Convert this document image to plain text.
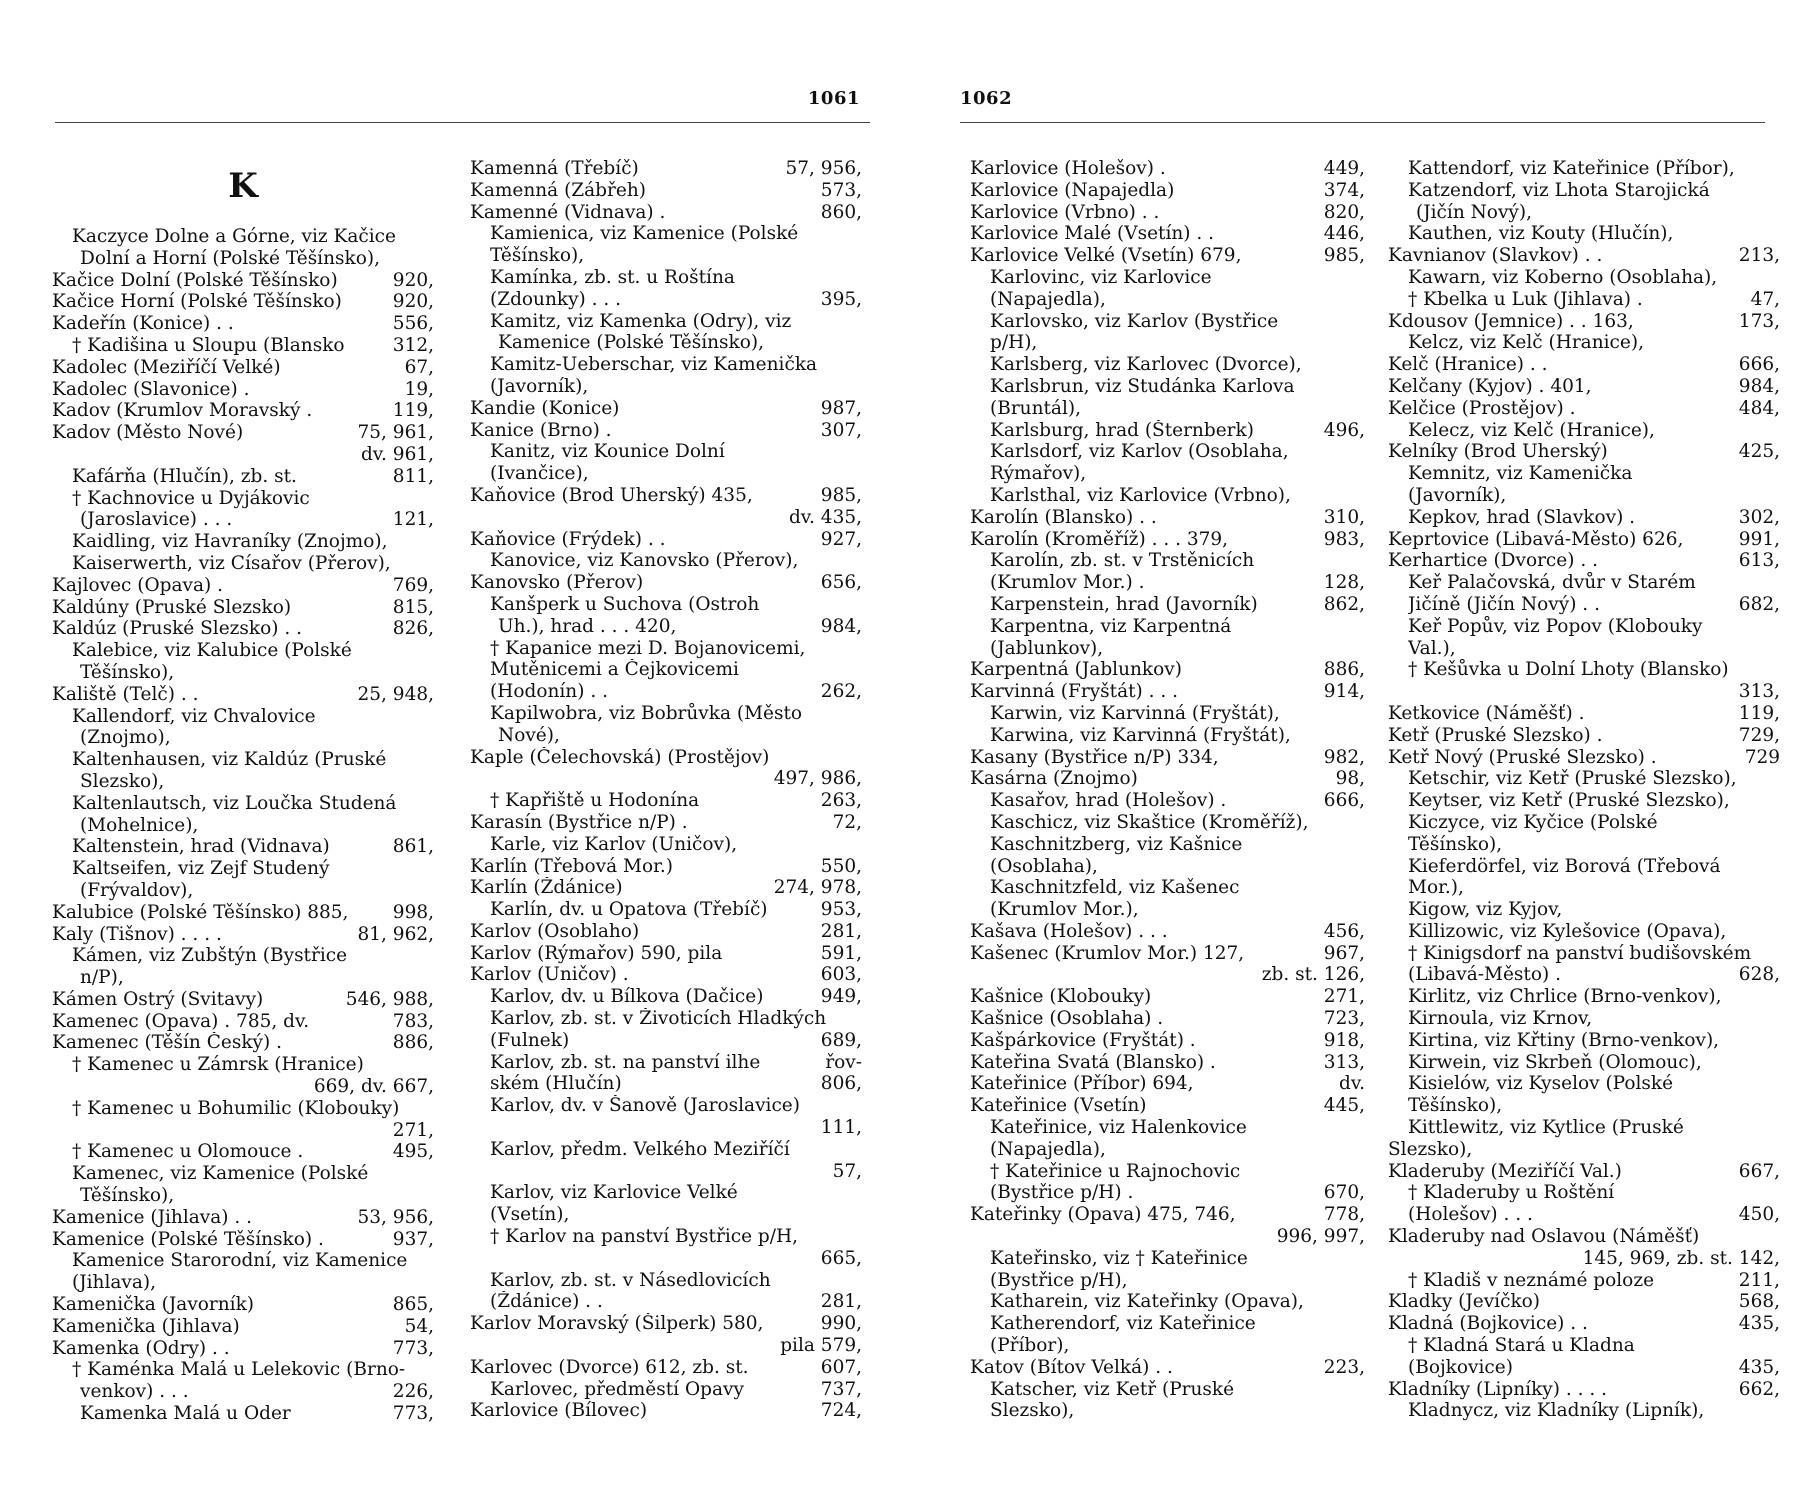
1061
K
Kaczyce Dolne a Górne, viz Kačice
Dolní a Horní (Polské Těšínsko),
Kačice Dolní (Polské Těšínsko)	920,
Kačice Horní (Polské Těšínsko)	920,
Kadeřín (Konice) . .	556,
† Kadišina u Sloupu (Blansko	312,
Kadolec (Meziříčí Velké)	67,
Kadolec (Slavonice) .	19,
Kadov (Krumlov Moravský .	119,
Kadov (Město Nové)	75, 961,
dv. 961,
Kafárňa (Hlučín), zb. st.	811,
† Kachnovice u Dyjákovic
(Jaroslavice) . . .	121,
Kaidling, viz Havraníky (Znojmo),
Kaiserwerth, viz Císařov (Přerov),
Kajlovec (Opava) .	769,
Kaldúny (Pruské Slezsko)	815,
Kaldúz (Pruské Slezsko) . .	826,
Kalebice, viz Kalubice (Polské
Těšínsko),
Kaliště (Telč) . .	25, 948,
Kallendorf, viz Chvalovice
(Znojmo),
Kaltenhausen, viz Kaldúz (Pruské
Slezsko),
Kaltenlautsch, viz Loučka Studená
(Mohelnice),
Kaltenstein, hrad (Vidnava)	861,
Kaltseifen, viz Zejf Studený
(Frývaldov),
Kalubice (Polské Těšínsko) 885,	998,
Kaly (Tišnov) . . . .	81, 962,
Kámen, viz Zubštýn (Bystřice
n/P),
Kámen Ostrý (Svitavy)	546, 988,
Kamenec (Opava) . 785, dv.	783,
Kamenec (Těšín Český) .	886,
† Kamenec u Zámrsk (Hranice)
669, dv. 667,
† Kamenec u Bohumilic (Klobouky)
271,
† Kamenec u Olomouce .	495,
Kamenec, viz Kamenice (Polské
Těšínsko),
Kamenice (Jihlava) . .	53, 956,
Kamenice (Polské Těšínsko) .	937,
Kamenice Starorodní, viz Kamenice
(Jihlava),
Kamenička (Javorník)	865,
Kamenička (Jihlava)	54,
Kamenka (Odry) . .	773,
† Kaménka Malá u Lelekovic (Brno-
venkov) . . .	226,
Kamenka Malá u Oder	773,
Kamenná (Třebíč)	57, 956,
Kamenná (Zábřeh)	573,
Kamenné (Vidnava) .	860,
Kamienica, viz Kamenice (Polské
Těšínsko),
Kamínka, zb. st. u Roštína
(Zdounky) . . .	395,
Kamitz, viz Kamenka (Odry), viz
Kamenice (Polské Těšínsko),
Kamitz-Ueberschar, viz Kamenička
(Javorník),
Kandie (Konice)	987,
Kanice (Brno) .	307,
Kanitz, viz Kounice Dolní
(Ivančice),
Kaňovice (Brod Uherský) 435,	985,
dv. 435,
Kaňovice (Frýdek) . .	927,
Kanovice, viz Kanovsko (Přerov),
Kanovsko (Přerov)	656,
Kanšperk u Suchova (Ostroh
Uh.), hrad . . . 420,	984,
† Kapanice mezi D. Bojanovicemi,
Mutěnicemi a Čejkovicemi
(Hodonín) . .	262,
Kapilwobra, viz Bobrůvka (Město
Nové),
Kaple (Čelechovská) (Prostějov)
497, 986,
† Kapřiště u Hodonína	263,
Karasín (Bystřice n/P) .	72,
Karle, viz Karlov (Uničov),
Karlín (Třebová Mor.)	550,
Karlín (Ždánice)	274, 978,
Karlín, dv. u Opatova (Třebíč)	953,
Karlov (Osoblaho)	281,
Karlov (Rýmařov) 590, pila	591,
Karlov (Uničov) .	603,
Karlov, dv. u Bílkova (Dačice)	949,
Karlov, zb. st. v Životicích Hladkých
(Fulnek)	689,
Karlov, zb. st. na panství ilhe	řov-
ském (Hlučín)	806,
Karlov, dv. v Šanově (Jaroslavice)
111,
Karlov, předm. Velkého Meziříčí
57,
Karlov, viz Karlovice Velké
(Vsetín),
† Karlov na panství Bystřice p/H,
665,
Karlov, zb. st. v Násedlovicích
(Ždánice) . .	281,
Karlov Moravský (Šilperk) 580,	990,
pila 579,
Karlovec (Dvorce) 612, zb. st.	607,
Karlovec, předměstí Opavy	737,
Karlovice (Bílovec)	724,
1062
Karlovice (Holešov) .	449,
Karlovice (Napajedla)	374,
Karlovice (Vrbno) . .	820,
Karlovice Malé (Vsetín) . .	446,
Karlovice Velké (Vsetín) 679,	985,
Karlovinc, viz Karlovice
(Napajedla),
Karlovsko, viz Karlov (Bystřice
p/H),
Karlsberg, viz Karlovec (Dvorce),
Karlsbrun, viz Studánka Karlova
(Bruntál),
Karlsburg, hrad (Šternberk)	496,
Karlsdorf, viz Karlov (Osoblaha,
Rýmařov),
Karlsthal, viz Karlovice (Vrbno),
Karolín (Blansko) . .	310,
Karolín (Kroměříž) . . . 379,	983,
Karolín, zb. st. v Trstěnicích
(Krumlov Mor.) .	128,
Karpenstein, hrad (Javorník)	862,
Karpentna, viz Karpentná
(Jablunkov),
Karpentná (Jablunkov)	886,
Karvinná (Fryštát) . . .	914,
Karwin, viz Karvinná (Fryštát),
Karwina, viz Karvinná (Fryštát),
Kasany (Bystřice n/P) 334,	982,
Kasárna (Znojmo)	98,
Kasařov, hrad (Holešov) .	666,
Kaschicz, viz Skaštice (Kroměříž),
Kaschnitzberg, viz Kašnice
(Osoblaha),
Kaschnitzfeld, viz Kašenec
(Krumlov Mor.),
Kašava (Holešov) . . .	456,
Kašenec (Krumlov Mor.) 127,	967,
zb. st. 126,
Kašnice (Klobouky)	271,
Kašnice (Osoblaha) .	723,
Kašpárkovice (Fryštát) .	918,
Kateřina Svatá (Blansko) .	313,
Kateřinice (Příbor) 694,	dv.
Kateřinice (Vsetín)	445,
Kateřinice, viz Halenkovice
(Napajedla),
† Kateřinice u Rajnochovic
(Bystřice p/H) .	670,
Kateřinky (Opava) 475, 746,	778,
996, 997,
Kateřinsko, viz † Kateřinice
(Bystřice p/H),
Katharein, viz Kateřinky (Opava),
Katherendorf, viz Kateřinice
(Příbor),
Katov (Bítov Velká) . .	223,
Katscher, viz Ketř (Pruské
Slezsko),
Kattendorf, viz Kateřinice (Příbor),
Katzendorf, viz Lhota Starojická
(Jičín Nový),
Kauthen, viz Kouty (Hlučín),
Kavnianov (Slavkov) . .	213,
Kawarn, viz Koberno (Osoblaha),
† Kbelka u Luk (Jihlava) .	47,
Kdousov (Jemnice) . . 163,	173,
Kelcz, viz Kelč (Hranice),
Kelč (Hranice) . .	666,
Kelčany (Kyjov) . 401,	984,
Kelčice (Prostějov) .	484,
Kelecz, viz Kelč (Hranice),
Kelníky (Brod Uherský)	425,
Kemnitz, viz Kamenička
(Javorník),
Kepkov, hrad (Slavkov) .	302,
Keprtovice (Libavá-Město) 626,	991,
Kerhartice (Dvorce) . .	613,
Keř Palačovská, dvůr v Starém
Jičíně (Jičín Nový) . .	682,
Keř Popův, viz Popov (Klobouky
Val.),
† Kešůvka u Dolní Lhoty (Blansko)
313,
Ketkovice (Náměšť) .	119,
Ketř (Pruské Slezsko) .	729,
Ketř Nový (Pruské Slezsko) .	729
Ketschir, viz Ketř (Pruské Slezsko),
Keytser, viz Ketř (Pruské Slezsko),
Kiczyce, viz Kyčice (Polské
Těšínsko),
Kieferdörfel, viz Borová (Třebová
Mor.),
Kigow, viz Kyjov,
Killizowic, viz Kylešovice (Opava),
† Kinigsdorf na panství budišovském
(Libavá-Město) .	628,
Kirlitz, viz Chrlice (Brno-venkov),
Kirnoula, viz Krnov,
Kirtina, viz Křtiny (Brno-venkov),
Kirwein, viz Skrbeň (Olomouc),
Kisielów, viz Kyselov (Polské
Těšínsko),
Kittlewitz, viz Kytlice (Pruské
Slezsko),
Kladeruby (Meziříčí Val.)	667,
† Kladeruby u Roštění
(Holešov) . . .	450,
Kladeruby nad Oslavou (Náměšť)
145, 969, zb. st. 142,
† Kladiš v neznámé poloze	211,
Kladky (Jevíčko)	568,
Kladná (Bojkovice) . .	435,
† Kladná Stará u Kladna
(Bojkovice)	435,
Kladníky (Lipníky) . . . .	662,
Kladnycz, viz Kladníky (Lipník),
